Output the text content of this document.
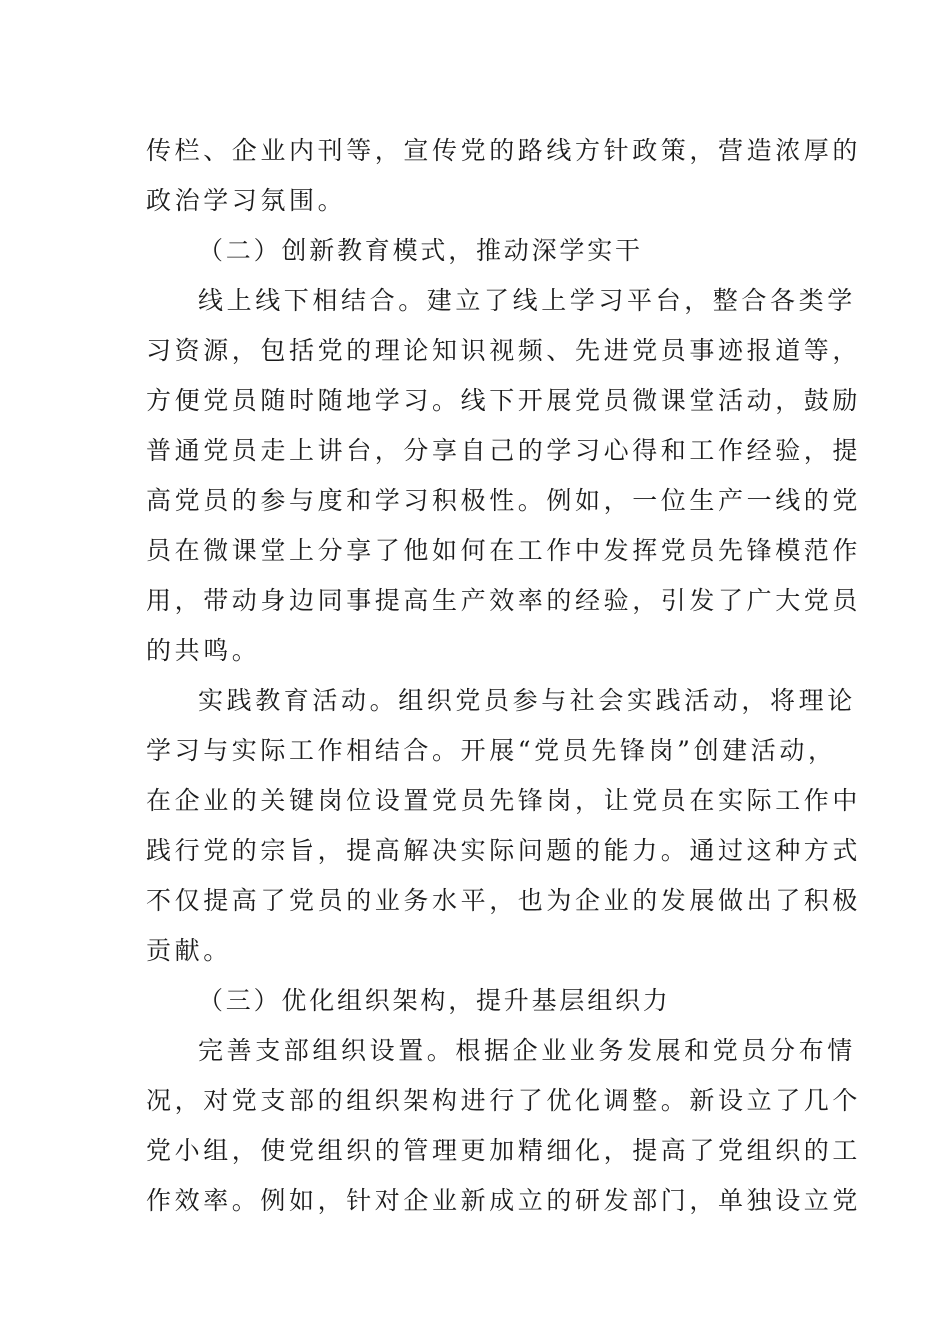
传栏、企业内刊等，宣传党的路线方针政策，营造浓厚的
政治学习氛围。
（二）创新教育模式，推动深学实干
线上线下相结合。建立了线上学习平台，整合各类学
习资源，包括党的理论知识视频、先进党员事迹报道等，
方便党员随时随地学习。线下开展党员微课堂活动，鼓励
普通党员走上讲台，分享自己的学习心得和工作经验，提
高党员的参与度和学习积极性。例如，一位生产一线的党
员在微课堂上分享了他如何在工作中发挥党员先锋模范作
用，带动身边同事提高生产效率的经验，引发了广大党员
的共鸣。
实践教育活动。组织党员参与社会实践活动，将理论
学习与实际工作相结合。开展“党员先锋岗”创建活动，
在企业的关键岗位设置党员先锋岗，让党员在实际工作中
践行党的宗旨，提高解决实际问题的能力。通过这种方式
不仅提高了党员的业务水平，也为企业的发展做出了积极
贡献。
（三）优化组织架构，提升基层组织力
完善支部组织设置。根据企业业务发展和党员分布情
况，对党支部的组织架构进行了优化调整。新设立了几个
党小组，使党组织的管理更加精细化，提高了党组织的工
作效率。例如，针对企业新成立的研发部门，单独设立党
